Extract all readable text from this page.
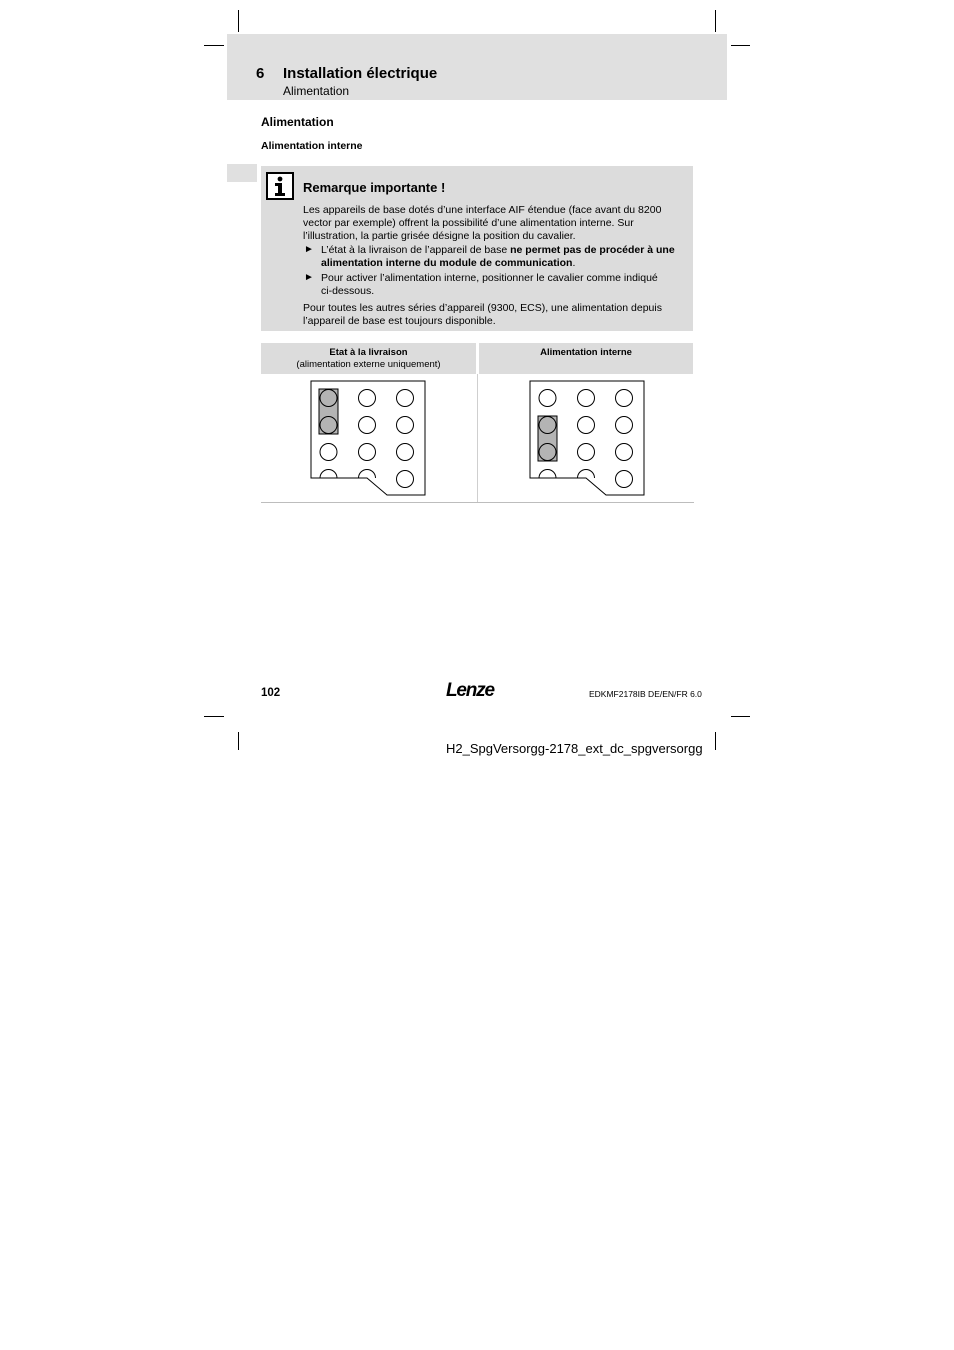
6 Installation électrique
Alimentation
Alimentation
Alimentation interne
Remarque importante !
Les appareils de base dotés d’une interface AIF étendue (face avant du 8200
vector par exemple) offrent la possibilité d’une alimentation interne. Sur
l’illustration, la partie grisée désigne la position du cavalier.
► L’état à la livraison de l’appareil de base ne permet pas de procéder à une
alimentation interne du module de communication.
► Pour activer l’alimentation interne, positionner le cavalier comme indiqué
ci-dessous.
Pour toutes les autres séries d’appareil (9300, ECS), une alimentation depuis
l’appareil de base est toujours disponible.
Etat à la livraison
(alimentation externe uniquement)
Alimentation interne
102	Lenze	EDKMF2178IB DE/EN/FR 6.0
H2_SpgVersorgg-2178_ext_dc_spgversorgg
